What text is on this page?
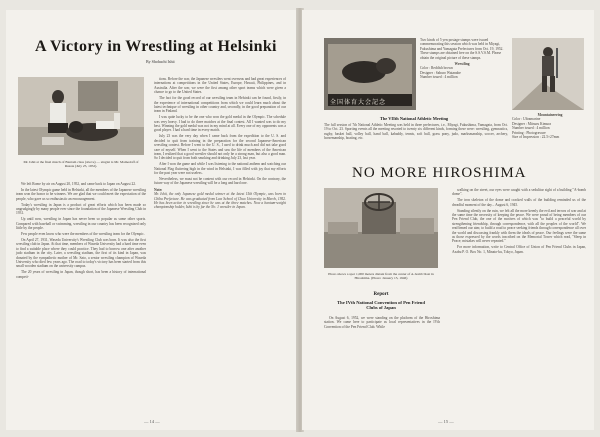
A Victory in Wrestling at Helsinki
By Shohachi Ishii
Mr. Ishii at the final match of Bantam class (above) — singlet is Mr. Mamedoff of Russia (July 25, 1952).

We left Rome by air on August 20, 1952, and came back to Japan on August 22.

In the latest Olympic game held in Helsinki, all the members of the Japanese wrestling team won the honor to be winners. We are glad that we could meet the expectation of the people, who gave us so enthusiastic an encouragement.

Today's wrestling in Japan is a product of great efforts which has been made so ungrudgingly by many people ever since the foundation of the Japanese Wrestling Club in 1931.

Up until now, wrestling in Japan has never been so popular as some other sports. Compared with baseball or swimming, wrestling in our country has been recognized only little by the people.

Few people even know who were the members of the wrestling team for the Olympic.

On April 27, 1931, Waseda University's Wrestling Club was born. It was also the first wrestling club in Japan. At that time, members of Waseda University had a hard time even to find a suitable place where they could practice. They had to borrow one after another judo stadium in the city. Later, a wrestling stadium, the first of its kind in Japan, was donated by the sympathetic mother of Mr. Sato, a senior wrestling champion of Waseda University who died few years ago. The road to today's victory has been started from this small wooden stadium on the university campus.

The 20 years of wrestling in Japan, though short, has been a history of international competi-

tions. Before the war, the Japanese wrestlers went overseas and had great experiences of internations at competitions in the United States, Europe, Hawaii, Philippines, and in Australia. After the war, we were the first among other sport teams which were given a chance to go to the United States.

The fact for the good record of our wrestling team in Helsinki can be found, firstly, in the experience of international competitions from which we could learn much about the latest technique of wrestling in other country and, secondly, in the good preparation of our team in Finland.

I was quite lucky to be the one who won the gold medal in the Olympic. The schedule was very heavy. I had to do three matches at the final contest. All I wanted was to do my best. Winning the gold medal was not in my mind at all. Every one of my opponents was a good player. I had a hard time in every match.

July 23 was the very day when I came back from the expedition to the U. S. and decided to quit from training in the preparation for the second Japanese-American wrestling contest. Before I went to the U. S., I used to drink much and did not take good care of myself. When I went to the States and saw the life of members of the American team, I realized that a good wrestler should not only be a strong man, but also a good man. So I decided to quit from both smoking and drinking July 23, last year.

After I won the game and while I was listening to the national anthem and watching our National Flag fluttering high in the wind in Helsinki, I was filled with joy that my efforts for the past year were not useless.

Nevertheless, we must not be content with our record in Helsinki. On the contrary, the future way of the Japanese wrestling will be a long and hard one.

Note:
Mr. Ishii, the only Japanese gold medal winner at the latest 15th Olympic, was born in Chiba Prefecture. He was graduated from Law School of Chuo University in March, 1952. He has been active in wrestling since he was at the three matches. Now a bantam-weight championship holder, Ishii is by far the No. 1 wrestler in Japan.
— 14 —
全国体育大会記念
Two kinds of 5 yen postage stamps were issued commemorating this session which was held in Miyagi, Fukushima and Yamagata Prefectures from Oct. 19, 1952. These stamps are obtained free on the S.S.V.S.M. Please obtain the original picture of these stamps.
Wrestling
Color : Reddish brown
Designer : Saburo Watanabe
Number issued : 4 million
Mountaineering
Color : Ultramarine
Designer : Mitsuru Kimura
Number issued : 4 million
Printing : Photogravure
Size of Impression : 22.5×27mm
The VIIth National Athletic Meeting
The full session of 7th National Athletic Meeting was held in three prefectures, i.e., Miyagi, Fukushima, Yamagata, from Oct. 19 to Oct. 23. Sporting events all the meeting resorted to twenty six different kinds, forming these were: wrestling, gymnastics, rugby, basket ball, volley ball, hand ball, kabaddy, tennis, soft ball, grass pony, judo, marksmanship, soccer, archery, horsemanship, boating, etc.
NO MORE HIROSHIMA
Photo shows a spot 1,000 meters distant from the center of A-bomb blast in Hiroshima. (Photo: January 15, 1946)
Report
The IVth National Convention of Pen Friend Clubs of Japan

On August 6, 1952, we were standing on the platform of the Hiroshima station. We came here to participate as local representatives in the IVth Convention of the Pen Friend Club. While

walking on the street, our eyes were caught with a sedulitar sight of a building "A-bomb dome".

The iron skeleton of the dome and cracked walls of the building reminded us of the dreadful moment of the day... August 6, 1945.

Standing silently on the ruin, we felt all the more keenly the evil and terrors of war and at the same time the necessity of keeping the peace. We were proud of being members of our Pen Friend Club, the one of the motives of which was "to build a peaceful world by strengthening friendship, through correspondence, with all the peoples of the world". We reaffirmed our aim; to build a road to peace seeking friends through correspondence all over the world and discussing frankly with them the ideals of peace. Our feelings were the same as those expressed by the words inscribed on the Memorial Tower which read, "Sleep in Peace; mistakes will never repeated."

For more information, write to Central Office of Union of Pen Friend Clubs in Japan, Azabu P. O. Box No. 1, Minato-ku, Tokyo, Japan.

— 15 —
